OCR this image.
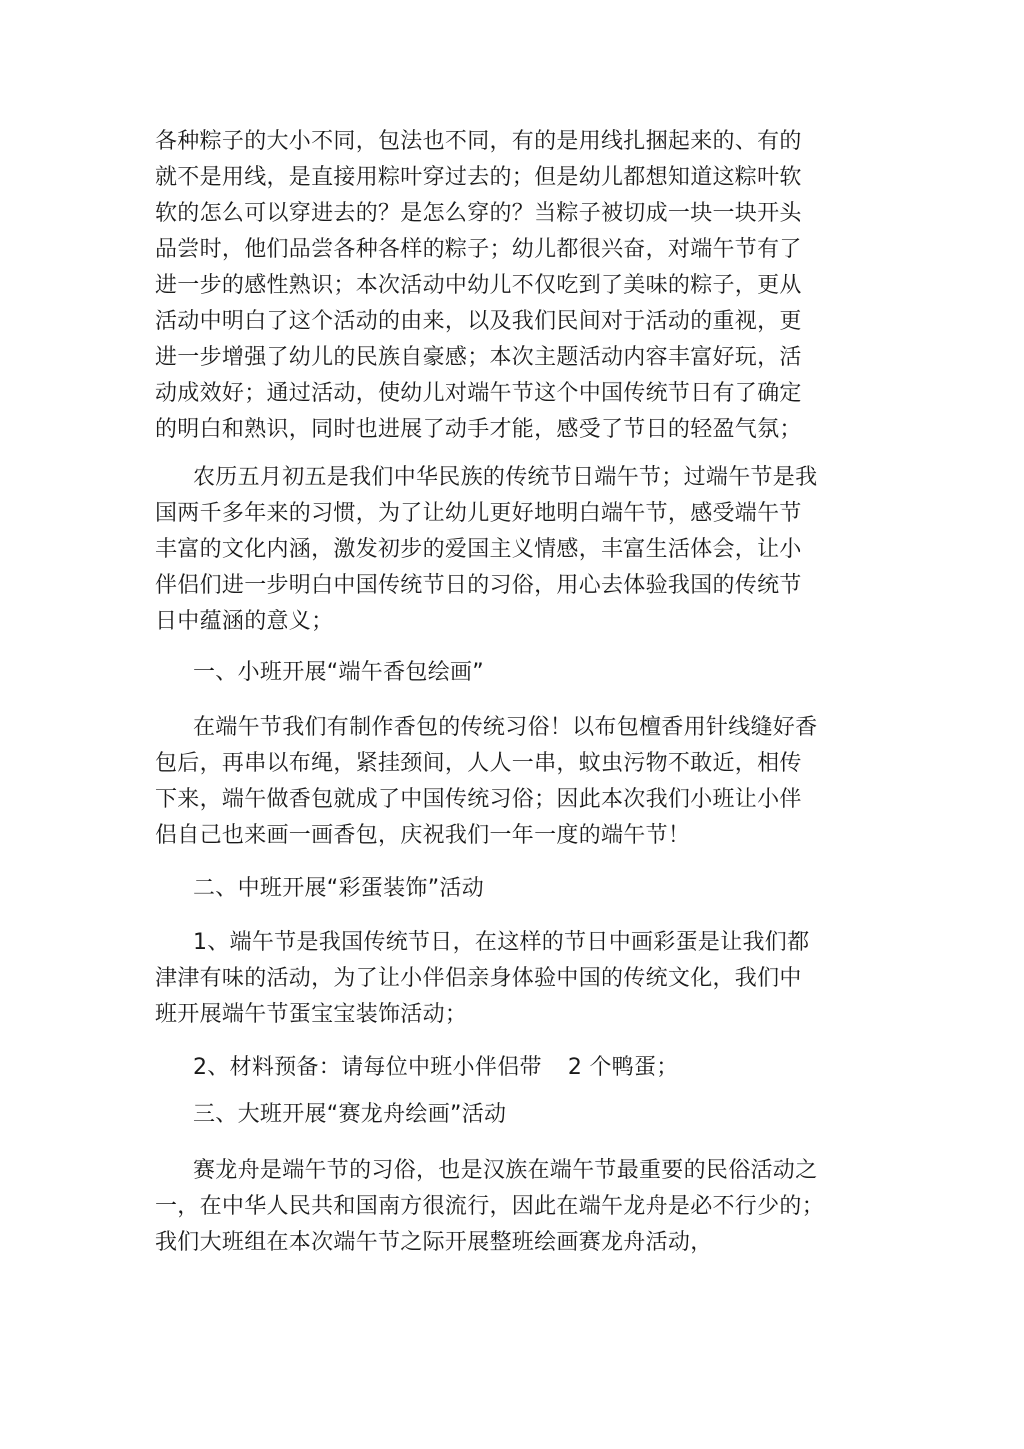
各种粽子的大小不同，包法也不同，有的是用线扎捆起来的、有的
就不是用线，是直接用粽叶穿过去的；但是幼儿都想知道这粽叶软
软的怎么可以穿进去的？是怎么穿的？当粽子被切成一块一块开头
品尝时，他们品尝各种各样的粽子；幼儿都很兴奋，对端午节有了
进一步的感性熟识；本次活动中幼儿不仅吃到了美味的粽子，更从
活动中明白了这个活动的由来，以及我们民间对于活动的重视，更
进一步增强了幼儿的民族自豪感；本次主题活动内容丰富好玩，活
动成效好；通过活动，使幼儿对端午节这个中国传统节日有了确定
的明白和熟识，同时也进展了动手才能，感受了节日的轻盈气氛；
农历五月初五是我们中华民族的传统节日端午节；过端午节是我
国两千多年来的习惯，为了让幼儿更好地明白端午节，感受端午节
丰富的文化内涵，激发初步的爱国主义情感，丰富生活体会，让小
伴侣们进一步明白中国传统节日的习俗，用心去体验我国的传统节
日中蕴涵的意义；
一、小班开展“端午香包绘画”
在端午节我们有制作香包的传统习俗！以布包檀香用针线缝好香
包后，再串以布绳，紧挂颈间，人人一串，蚊虫污物不敢近，相传
下来，端午做香包就成了中国传统习俗；因此本次我们小班让小伴
侣自己也来画一画香包，庆祝我们一年一度的端午节！
二、中班开展“彩蛋装饰”活动
1、端午节是我国传统节日，在这样的节日中画彩蛋是让我们都
津津有味的活动，为了让小伴侣亲身体验中国的传统文化，我们中
班开展端午节蛋宝宝装饰活动；
2、材料预备：请每位中班小伴侣带 2 个鸭蛋；
三、大班开展“赛龙舟绘画”活动
赛龙舟是端午节的习俗，也是汉族在端午节最重要的民俗活动之
一，在中华人民共和国南方很流行，因此在端午龙舟是必不行少的；
我们大班组在本次端午节之际开展整班绘画赛龙舟活动，
